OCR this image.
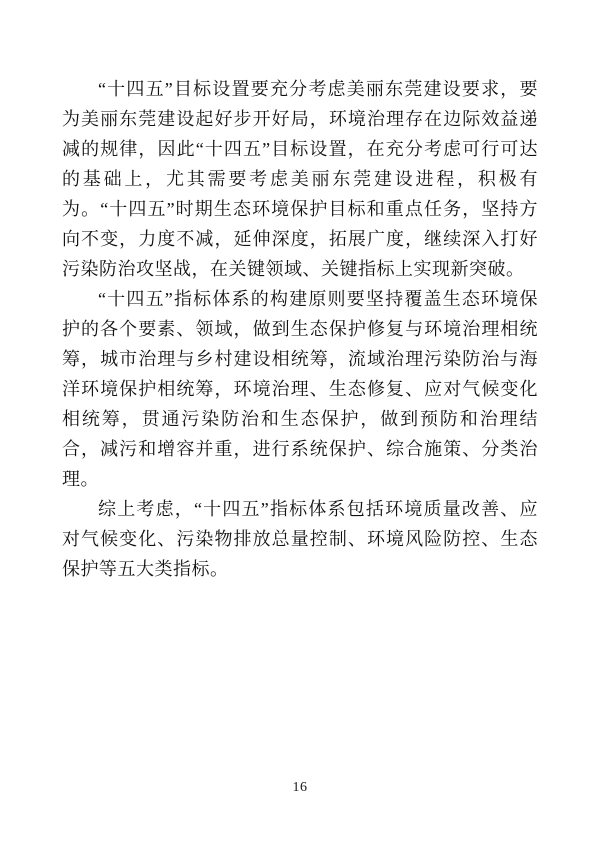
“十四五”目标设置要充分考虑美丽东莞建设要求，要为美丽东莞建设起好步开好局，环境治理存在边际效益递减的规律，因此“十四五”目标设置，在充分考虑可行可达的基础上，尤其需要考虑美丽东莞建设进程，积极有为。“十四五”时期生态环境保护目标和重点任务，坚持方向不变，力度不减，延伸深度，拓展广度，继续深入打好污染防治攻坚战，在关键领域、关键指标上实现新突破。

“十四五”指标体系的构建原则要坚持覆盖生态环境保护的各个要素、领域，做到生态保护修复与环境治理相统筹，城市治理与乡村建设相统筹，流域治理污染防治与海洋环境保护相统筹，环境治理、生态修复、应对气候变化相统筹，贯通污染防治和生态保护，做到预防和治理结合，减污和增容并重，进行系统保护、综合施策、分类治理。

综上考虑，“十四五”指标体系包括环境质量改善、应对气候变化、污染物排放总量控制、环境风险防控、生态保护等五大类指标。

16
